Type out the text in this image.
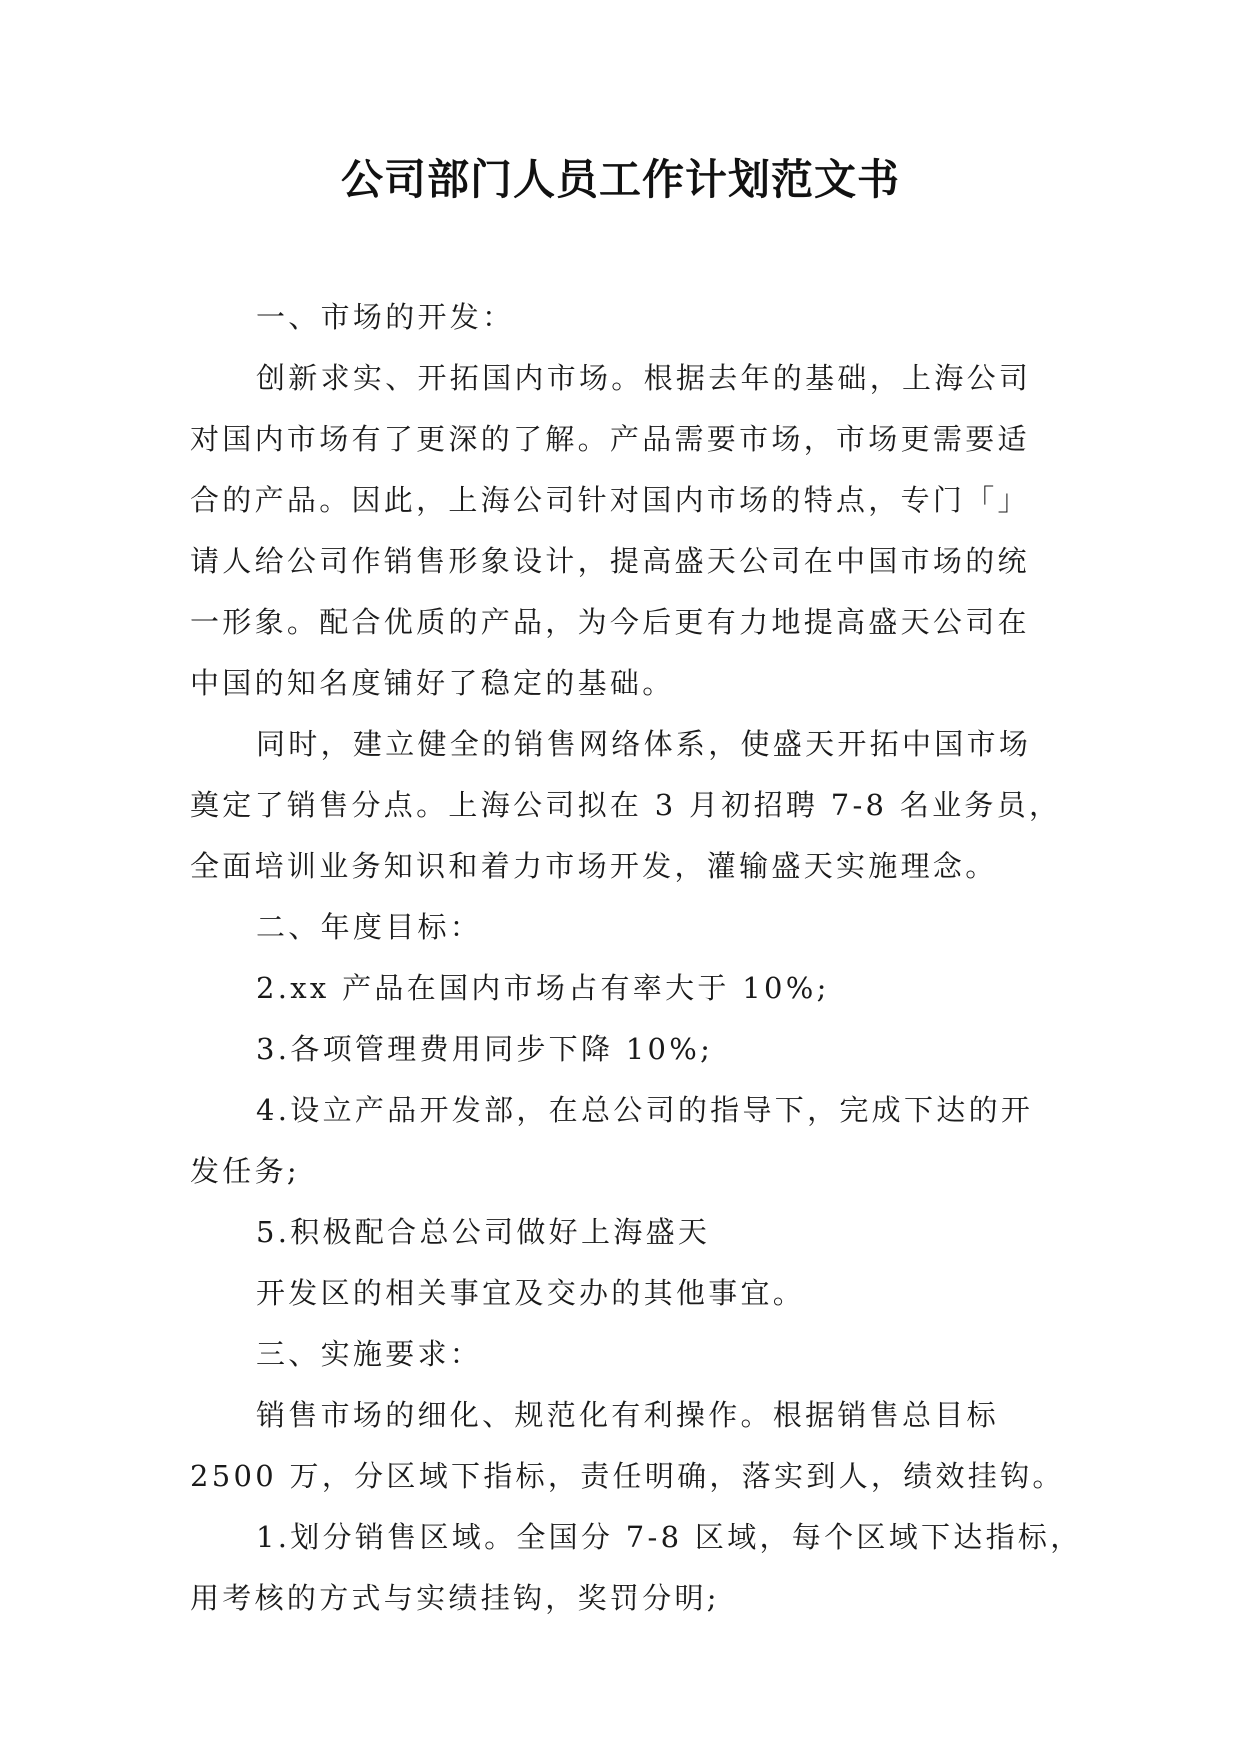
公司部门人员工作计划范文书
一、市场的开发：
创新求实、开拓国内市场。根据去年的基础，上海公司
对国内市场有了更深的了解。产品需要市场，市场更需要适
合的产品。因此，上海公司针对国内市场的特点，专门「」
请人给公司作销售形象设计，提高盛天公司在中国市场的统
一形象。配合优质的产品，为今后更有力地提高盛天公司在
中国的知名度铺好了稳定的基础。
同时，建立健全的销售网络体系，使盛天开拓中国市场
奠定了销售分点。上海公司拟在 3 月初招聘 7-8 名业务员，
全面培训业务知识和着力市场开发，灌输盛天实施理念。
二、年度目标：
2.xx 产品在国内市场占有率大于 10%;
3.各项管理费用同步下降 10%;
4.设立产品开发部，在总公司的指导下，完成下达的开
发任务;
5.积极配合总公司做好上海盛天
开发区的相关事宜及交办的其他事宜。
三、实施要求：
销售市场的细化、规范化有利操作。根据销售总目标
2500 万，分区域下指标，责任明确，落实到人，绩效挂钩。
1.划分销售区域。全国分 7-8 区域，每个区域下达指标，
用考核的方式与实绩挂钩，奖罚分明;
